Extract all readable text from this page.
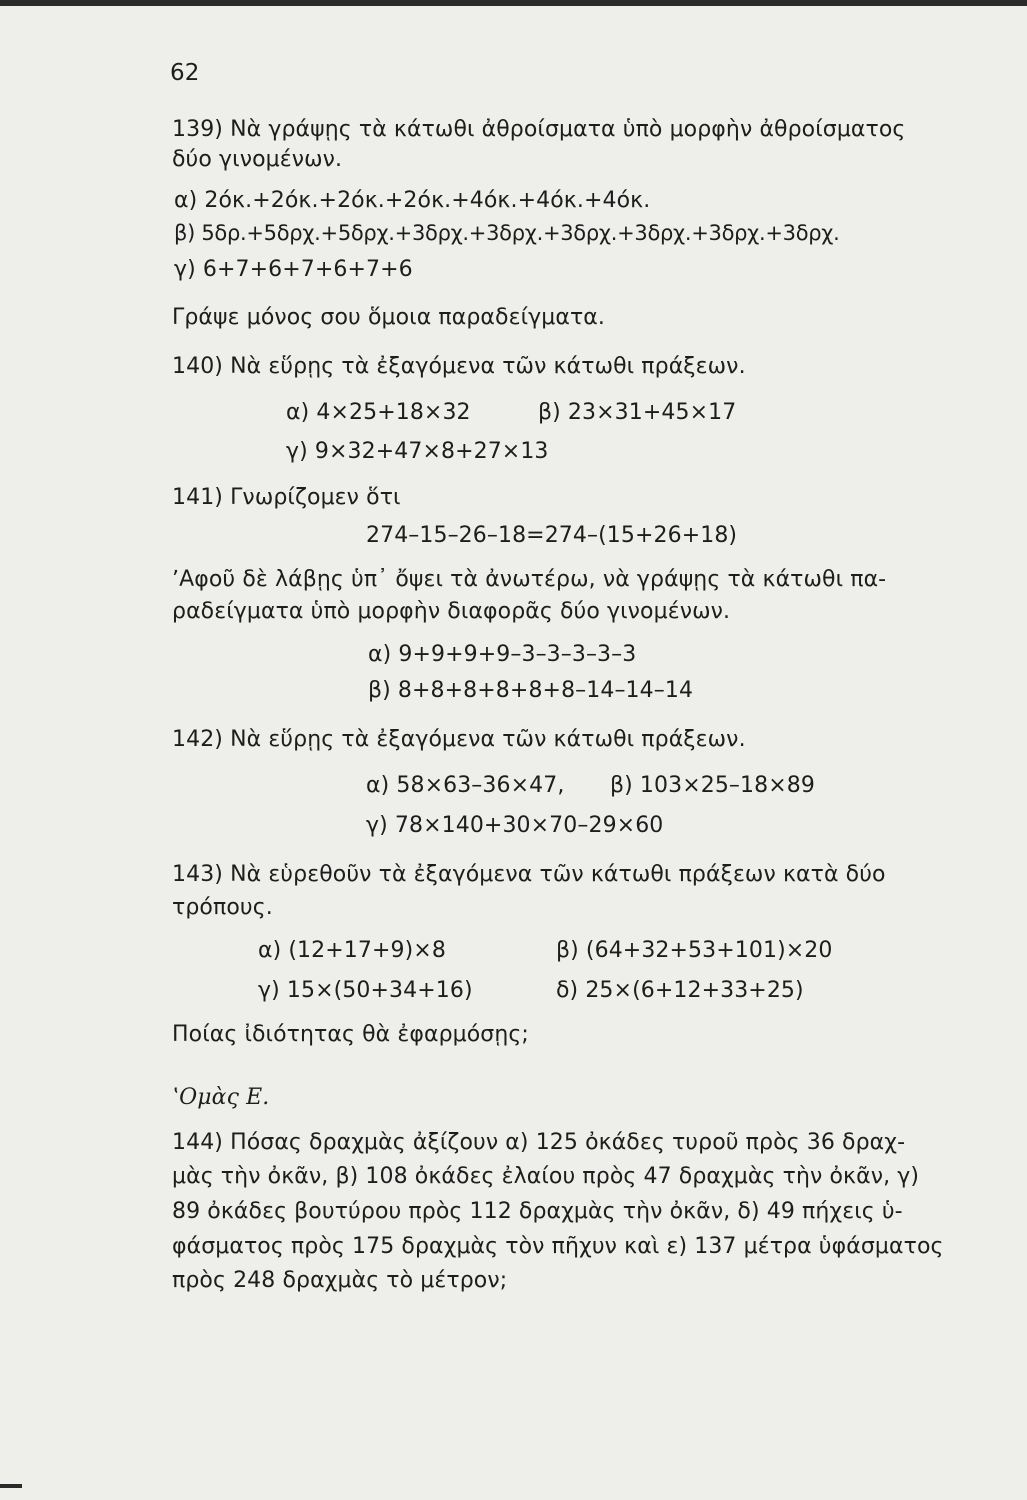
62
139) Νὰ γράψῃς τὰ κάτωθι ἀθροίσματα ὑπὸ μορφὴν ἀθροίσματος
δύο γινομένων.
α) 2όκ.+2όκ.+2όκ.+2όκ.+4όκ.+4όκ.+4όκ.
β) 5δρ.+5δρχ.+5δρχ.+3δρχ.+3δρχ.+3δρχ.+3δρχ.+3δρχ.+3δρχ.
γ) 6+7+6+7+6+7+6
Γράψε μόνος σου ὅμοια παραδείγματα.
140) Νὰ εὕρῃς τὰ ἐξαγόμενα τῶν κάτωθι πράξεων.
α) 4×25+18×32	β) 23×31+45×17
γ) 9×32+47×8+27×13
141) Γνωρίζομεν ὅτι
274–15–26–18=274–(15+26+18)
ʼΑφοῦ δὲ λάβῃς ὑπ᾿ ὄψει τὰ ἀνωτέρω, νὰ γράψῃς τὰ κάτωθι πα-
ραδείγματα ὑπὸ μορφὴν διαφορᾶς δύο γινομένων.
α) 9+9+9+9–3–3–3–3–3
β) 8+8+8+8+8+8–14–14–14
142) Νὰ εὕρῃς τὰ ἐξαγόμενα τῶν κάτωθι πράξεων.
α) 58×63–36×47, β) 103×25–18×89
γ) 78×140+30×70–29×60
143) Νὰ εὑρεθοῦν τὰ ἐξαγόμενα τῶν κάτωθι πράξεων κατὰ δύο
τρόπους.
α) (12+17+9)×8	β) (64+32+53+101)×20
γ) 15×(50+34+16)	δ) 25×(6+12+33+25)
Ποίας ἰδιότητας θὰ ἐφαρμόσῃς;
ʽΟμὰς Ε.
144) Πόσας δραχμὰς ἀξίζουν α) 125 ὀκάδες τυροῦ πρὸς 36 δραχ-
μὰς τὴν ὀκᾶν, β) 108 ὀκάδες ἐλαίου πρὸς 47 δραχμὰς τὴν ὀκᾶν, γ)
89 ὀκάδες βουτύρου πρὸς 112 δραχμὰς τὴν ὀκᾶν, δ) 49 πήχεις ὑ-
φάσματος πρὸς 175 δραχμὰς τὸν πῆχυν καὶ ε) 137 μέτρα ὑφάσματος
πρὸς 248 δραχμὰς τὸ μέτρον;
